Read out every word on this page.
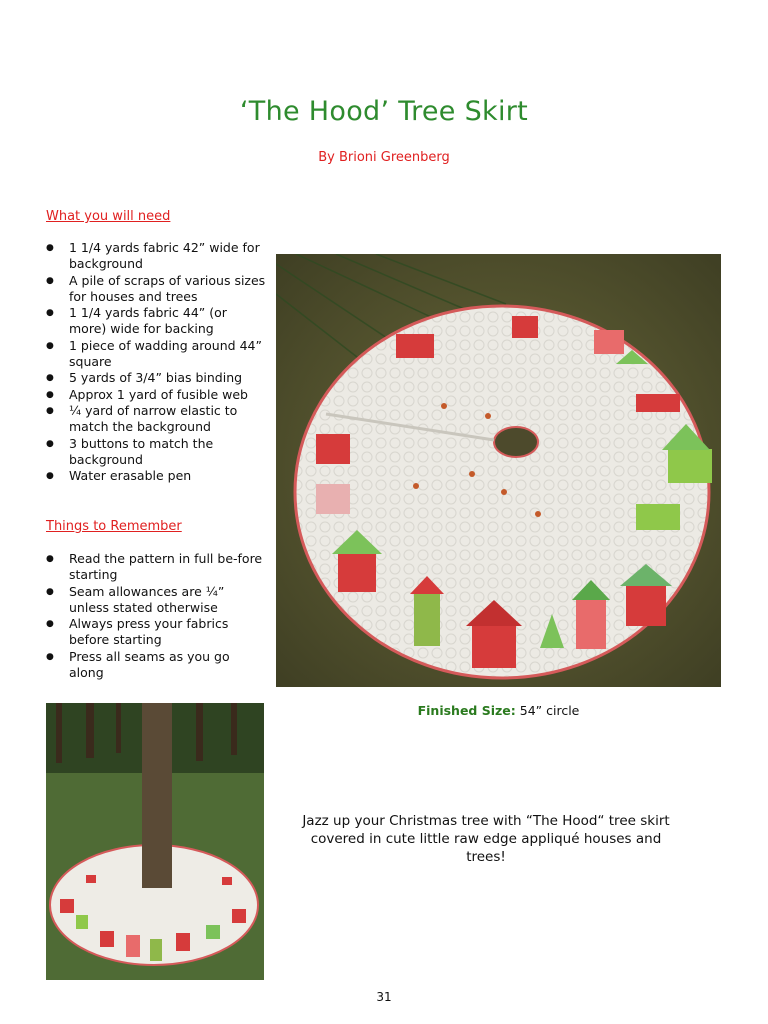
‘The Hood’ Tree Skirt
By Brioni Greenberg
What you will need
● 1 1/4 yards fabric 42” wide for background
● A pile of scraps of various sizes for houses and trees
● 1 1/4 yards fabric 44” (or more) wide for backing
● 1 piece of wadding around 44” square
● 5 yards of 3/4” bias binding
● Approx 1 yard of fusible web
● ¼ yard of narrow elastic to match the background
● 3 buttons to match the background
● Water erasable pen
Things to Remember
● Read the pattern in full be-fore starting
● Seam allowances are ¼” unless stated otherwise
● Always press your fabrics before starting
● Press all seams as you go along
Finished Size: 54” circle
Jazz up your Christmas tree with “The Hood“ tree skirt covered in cute little raw edge appliqué houses and trees!
31
